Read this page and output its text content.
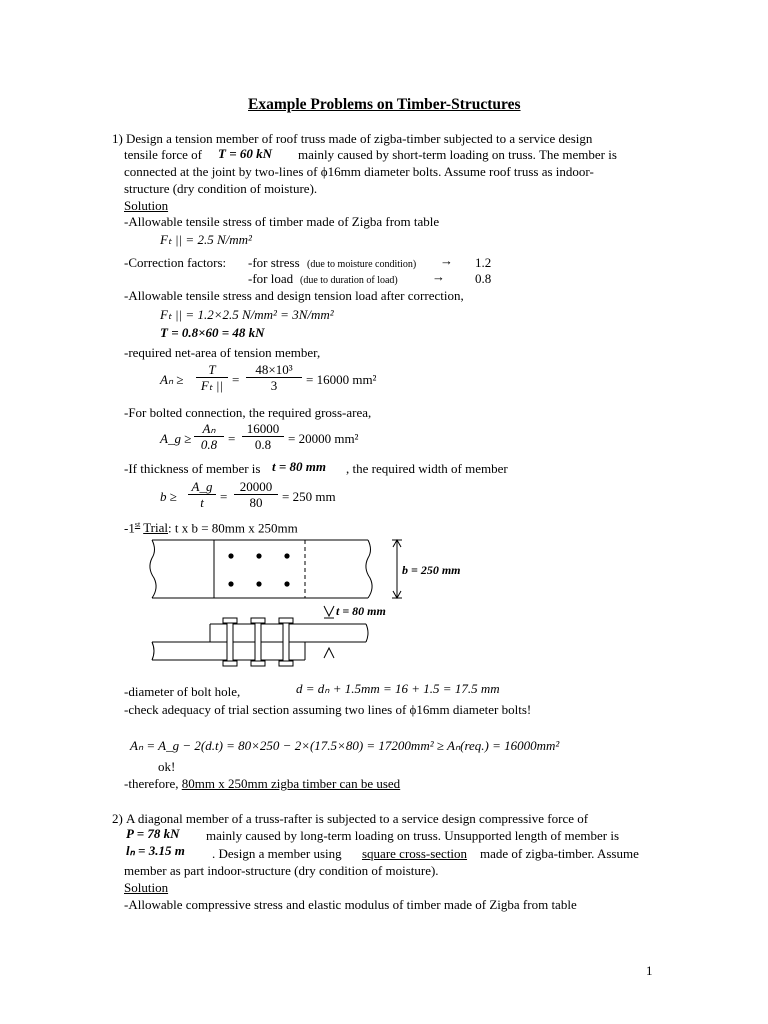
Example Problems on Timber-Structures
1) Design a tension member of roof truss made of zigba-timber subjected to a service design
tensile force of T = 60 kN mainly caused by short-term loading on truss. The member is
connected at the joint by two-lines of ϕ16mm diameter bolts. Assume roof truss as indoor-
structure (dry condition of moisture).
Solution
-Allowable tensile stress of timber made of Zigba from table
Fₜ || = 2.5 N/mm²
-Correction factors: -for stress (due to moisture condition) → 1.2
-for load (due to duration of load)	→ 0.8
-Allowable tensile stress and design tension load after correction,
Fₜ || = 1.2×2.5 N/mm² = 3N/mm²
T = 0.8×60 = 48 kN
-required net-area of tension member,
$A_n \ge \frac{T}{\text{Fₜ ||}} = \frac{\text{48×10³}}{3} = 16000$ mm²
-For bolted connection, the required gross-area,
A_g ≥ $\frac{\text{Aₙ}}{0.8} = \frac{16000}{0.8} = 20000$ mm²
-If thickness of member is t = 80 mm , the required width of member
$b \ge \frac{A\_g}{t} = \frac{20000}{80} = 250$ mm
-1st Trial: t x b = 80mm x 250mm
b = 250 mm
t = 80 mm
-diameter of bolt hole,	d = dₙ + 1.5mm = 16 + 1.5 = 17.5 mm
-check adequacy of trial section assuming two lines of ϕ16mm diameter bolts!
Aₙ = A_g − 2(d.t) = 80×250 − 2×(17.5×80) = 17200mm² ≥ Aₙ(req.) = 16000mm²
ok!
-therefore, 80mm x 250mm zigba timber can be used
2) A diagonal member of a truss-rafter is subjected to a service design compressive force of
P = 78 kN mainly caused by long-term loading on truss. Unsupported length of member is
lₙ = 3.15 m . Design a member using square cross-section made of zigba-timber. Assume
member as part indoor-structure (dry condition of moisture).
Solution
-Allowable compressive stress and elastic modulus of timber made of Zigba from table
1
